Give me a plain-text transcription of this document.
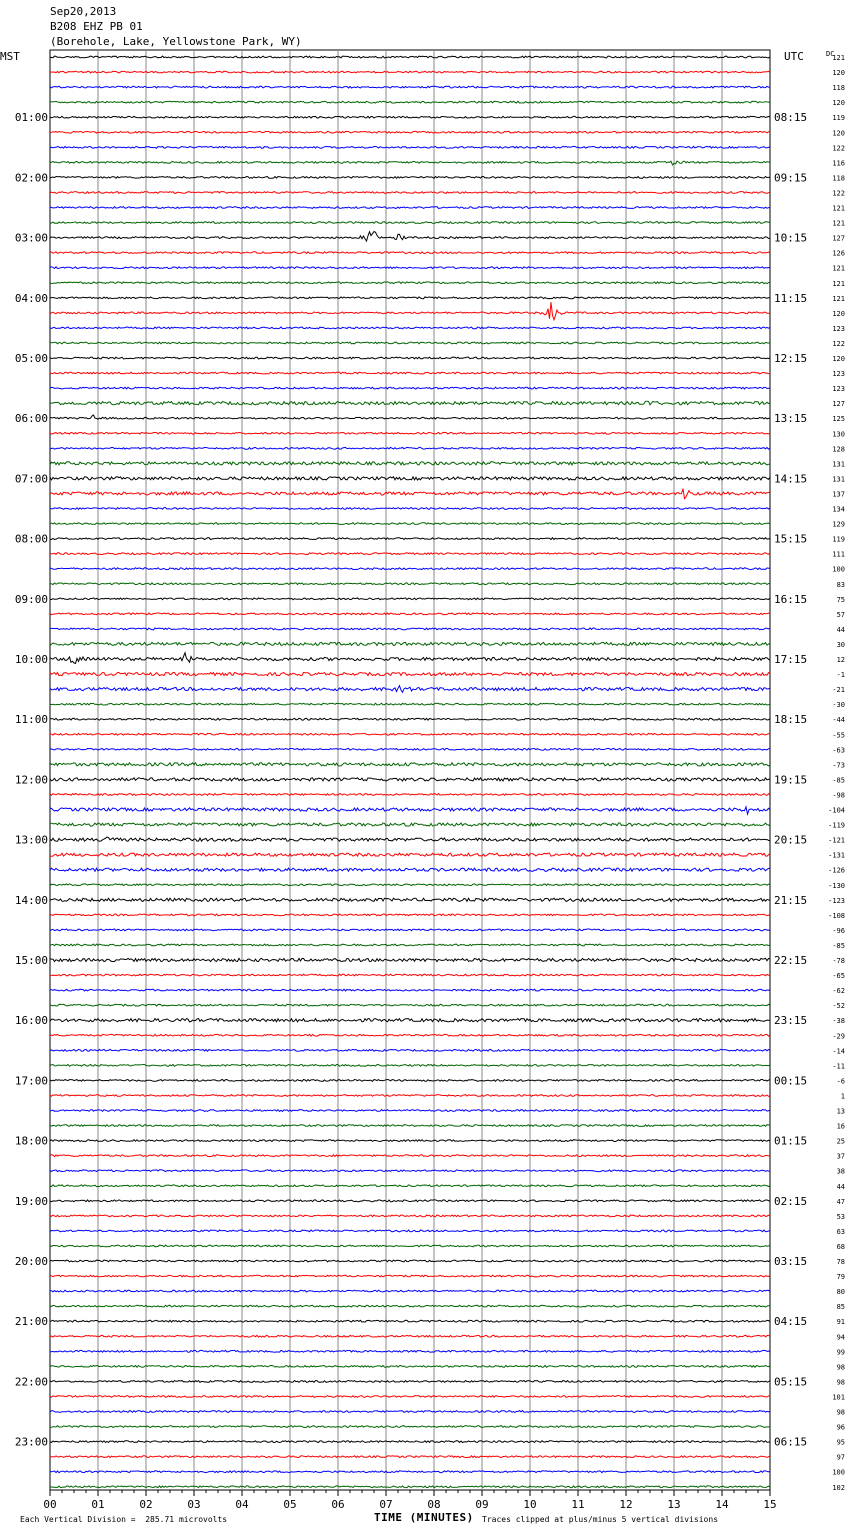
121
120
118
120
119
120
122
116
118
122
121
121
127
126
121
121
121
120
123
122
120
123
123
127
125
130
128
131
131
137
134
129
119
111
100
83
75
57
44
30
12
-1
-21
-30
-44
-55
-63
-73
-85
-98
-104
-119
-121
-131
-126
-130
-123
-108
-96
-85
-78
-65
-62
-52
-38
-29
-14
-11
-6
1
13
16
25
37
38
44
47
53
63
68
78
79
80
85
91
94
99
98
98
101
98
96
95
97
100
102
01:00	08:15
02:00	09:15
03:00	10:15
04:00	11:15
05:00	12:15
06:00	13:15
07:00	14:15
08:00	15:15
09:00	16:15
10:00	17:15
11:00	18:15
12:00	19:15
13:00	20:15
14:00	21:15
15:00	22:15
16:00	23:15
17:00	00:15
18:00	01:15
19:00	02:15
20:00	03:15
21:00	04:15
22:00	05:15
23:00	06:15
00	01	02	03	04	05	06	07	08	09	10	11	12	13	14	15
Sep20,2013
B208 EHZ PB 01
(Borehole, Lake, Yellowstone Park, WY)
MST	UTC	DC
Each Vertical Division =  285.71 microvolts	TIME (MINUTES) Traces clipped at plus/minus 5 vertical divisions
